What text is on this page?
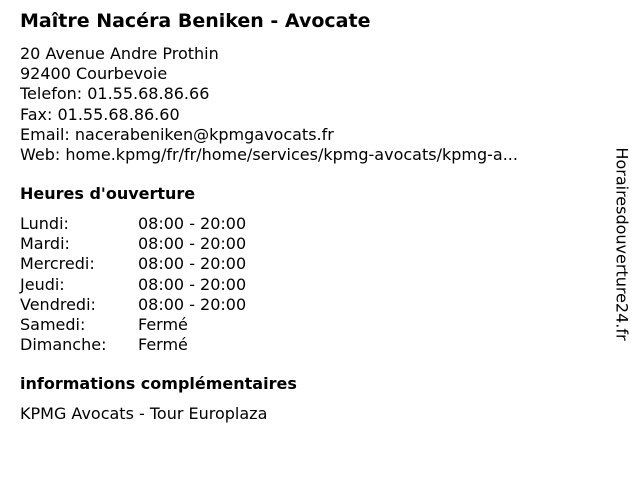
Maître Nacéra Beniken - Avocate
20 Avenue Andre Prothin
92400 Courbevoie
Telefon: 01.55.68.86.66
Fax: 01.55.68.86.60
Email: nacerabeniken@kpmgavocats.fr
Web: home.kpmg/fr/fr/home/services/kpmg-avocats/kpmg-a...
Heures d'ouverture
Lundi:	08:00 - 20:00
Mardi:	08:00 - 20:00
Mercredi:	08:00 - 20:00
Jeudi:	08:00 - 20:00
Vendredi:	08:00 - 20:00
Samedi:	Fermé
Dimanche:	Fermé
informations complémentaires
KPMG Avocats - Tour Europlaza
Horairesdouverture24.fr
